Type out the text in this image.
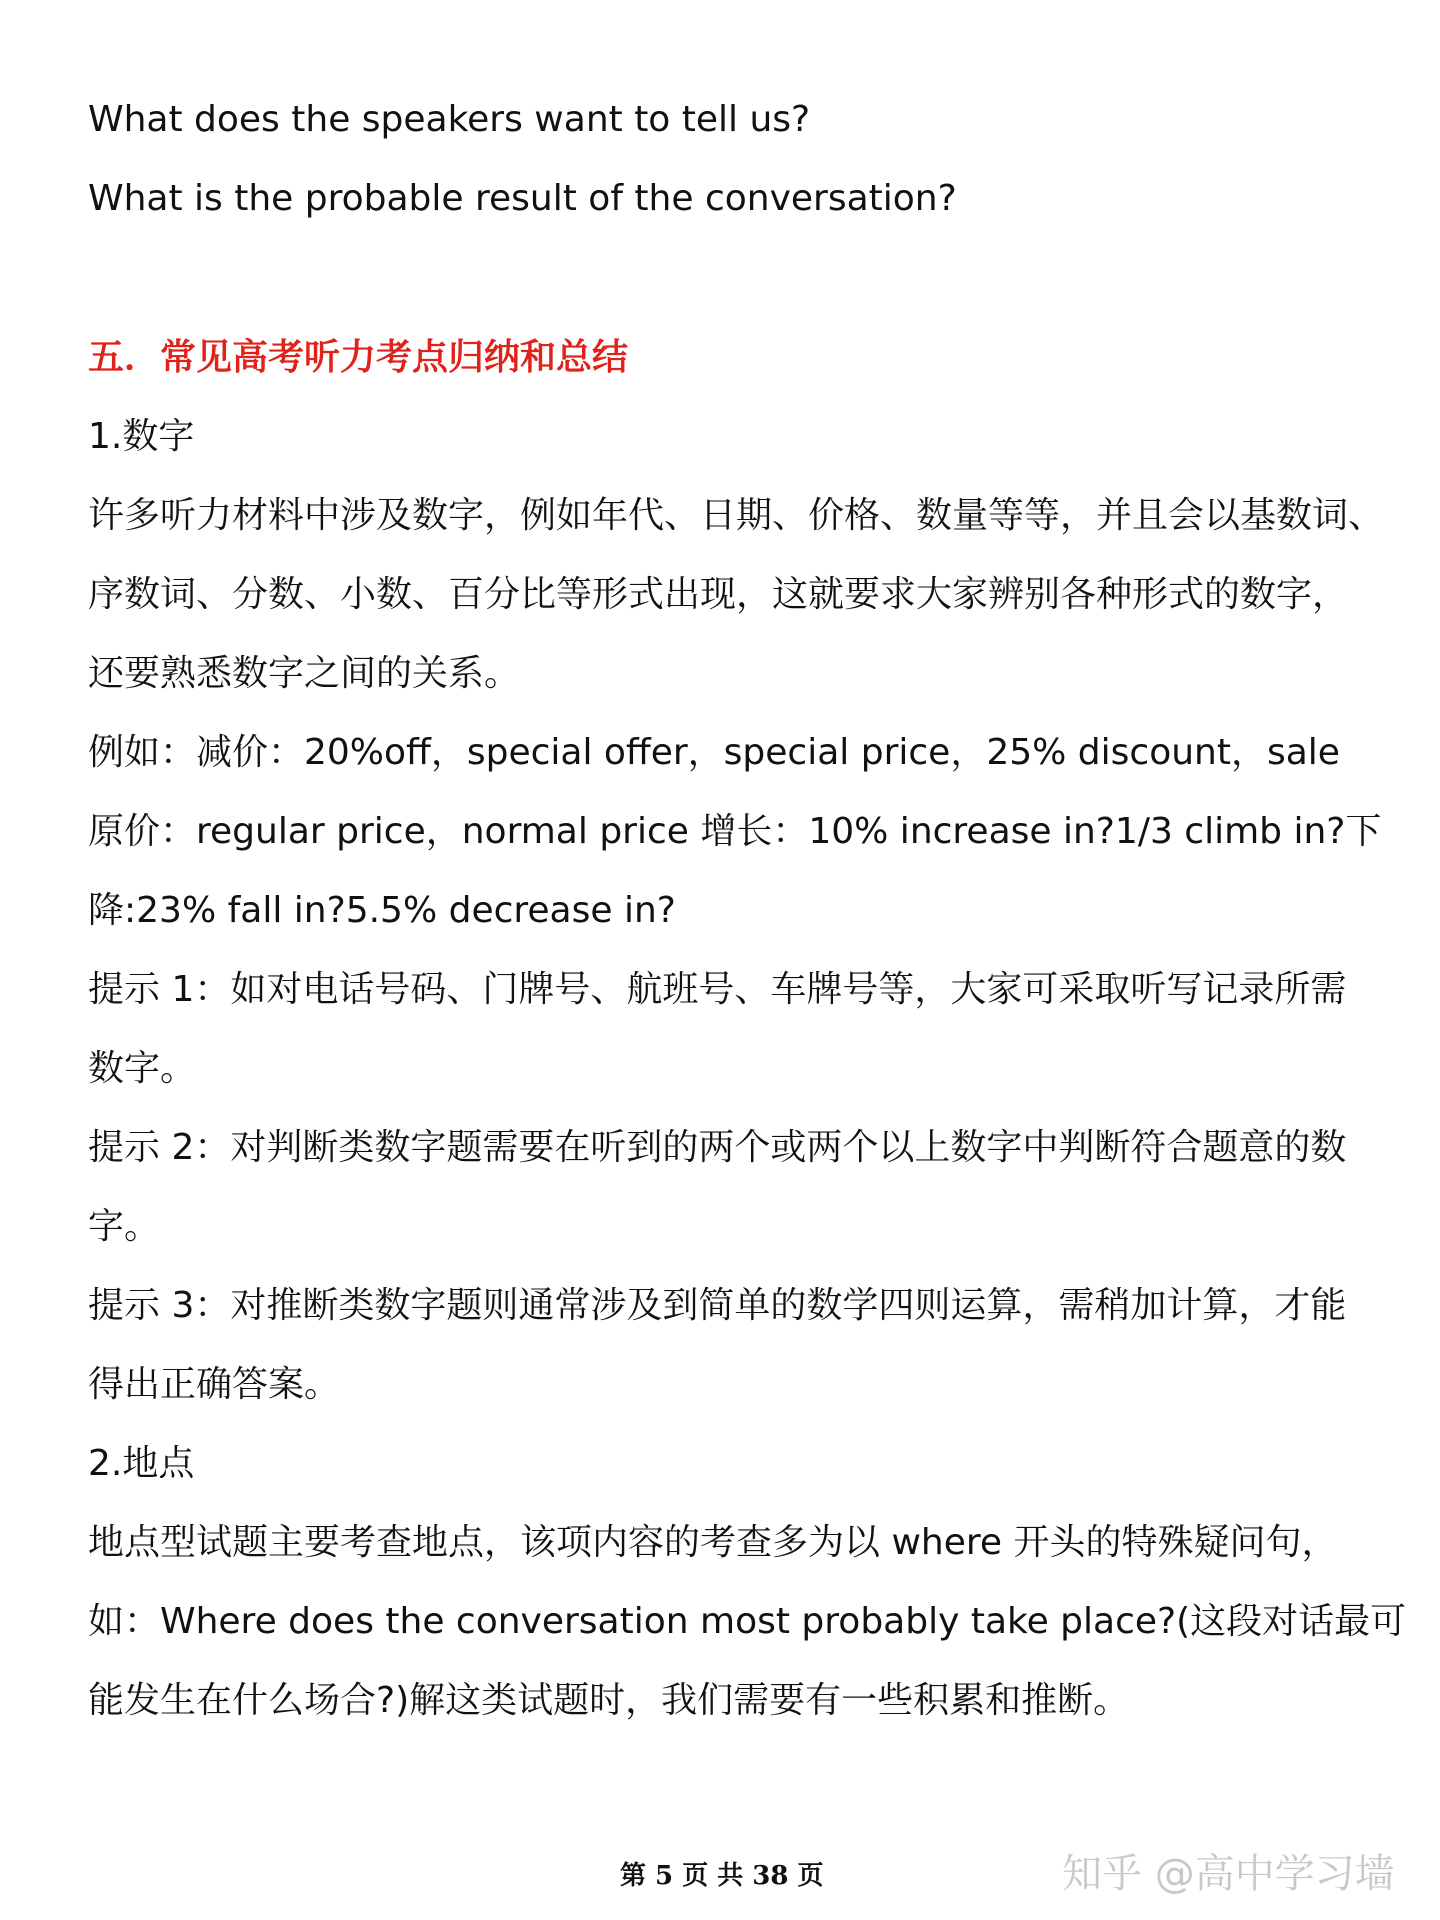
What does the speakers want to tell us?
What is the probable result of the conversation?
五．常见高考听力考点归纳和总结
1.数字
许多听力材料中涉及数字，例如年代、日期、价格、数量等等，并且会以基数词、
序数词、分数、小数、百分比等形式出现，这就要求大家辨别各种形式的数字，
还要熟悉数字之间的关系。
例如：减价：20%off，special offer，special price，25% discount，sale
原价：regular price，normal price 增长：10% increase in?1/3 climb in?下
降:23% fall in?5.5% decrease in?
提示 1：如对电话号码、门牌号、航班号、车牌号等，大家可采取听写记录所需
数字。
提示 2：对判断类数字题需要在听到的两个或两个以上数字中判断符合题意的数
字。
提示 3：对推断类数字题则通常涉及到简单的数学四则运算，需稍加计算，才能
得出正确答案。
2.地点
地点型试题主要考查地点，该项内容的考查多为以 where 开头的特殊疑问句，
如：Where does the conversation most probably take place?(这段对话最可
能发生在什么场合?)解这类试题时，我们需要有一些积累和推断。
第 5 页 共 38 页	知乎 @高中学习墙
